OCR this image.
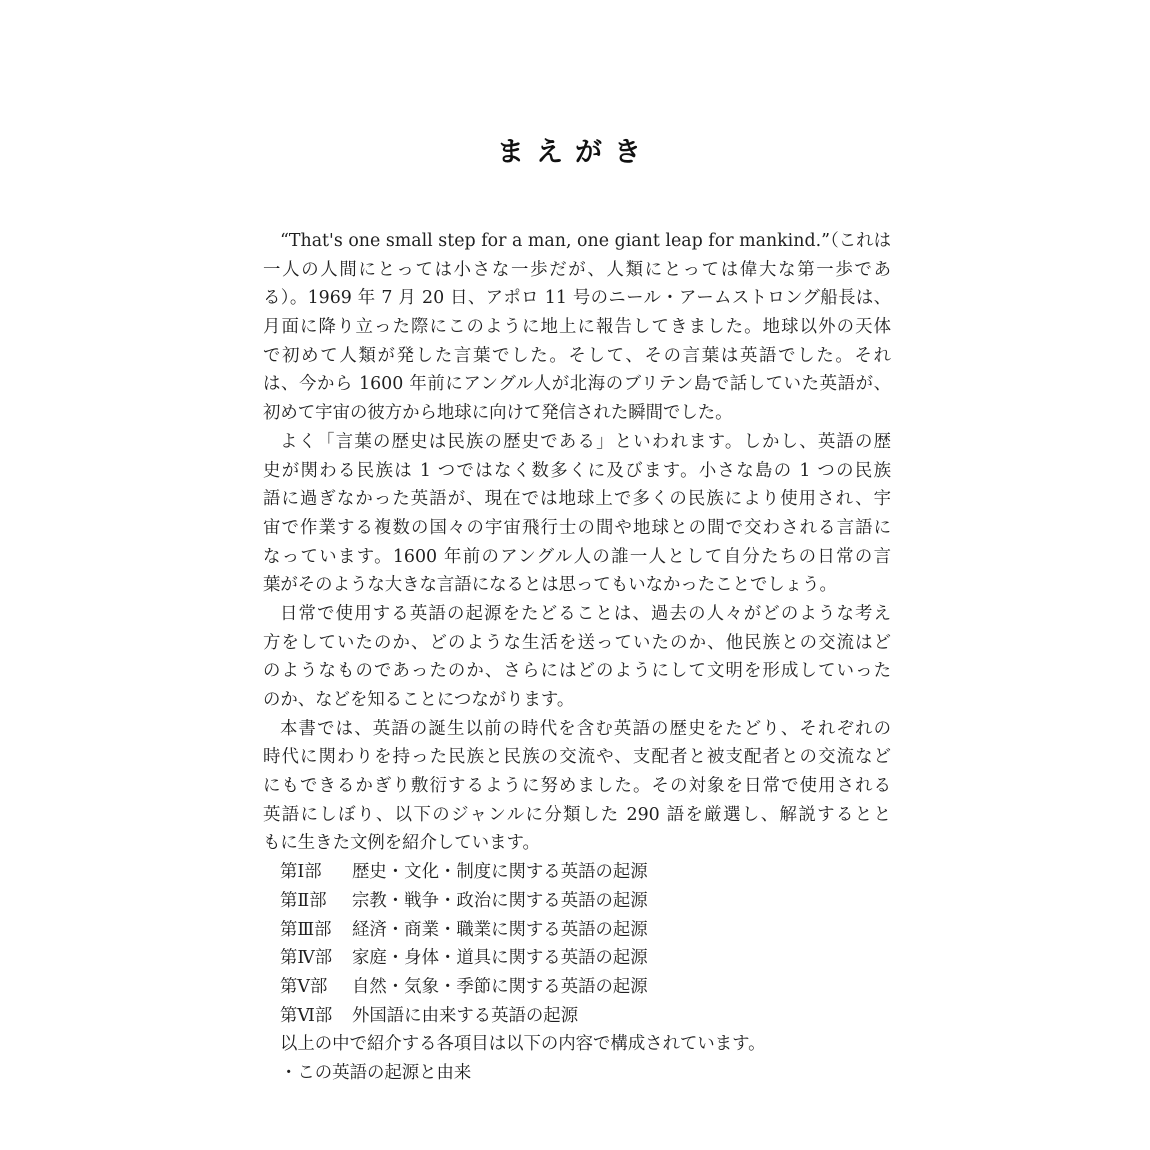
まえがき
“That's one small step for a man, one giant leap for mankind.”（これは
一人の人間にとっては小さな一歩だが、人類にとっては偉大な第一歩であ
る）。1969 年 7 月 20 日、アポロ 11 号のニール・アームストロング船長は、
月面に降り立った際にこのように地上に報告してきました。地球以外の天体
で初めて人類が発した言葉でした。そして、その言葉は英語でした。それ
は、今から 1600 年前にアングル人が北海のブリテン島で話していた英語が、
初めて宇宙の彼方から地球に向けて発信された瞬間でした。
よく「言葉の歴史は民族の歴史である」といわれます。しかし、英語の歴
史が関わる民族は 1 つではなく数多くに及びます。小さな島の 1 つの民族
語に過ぎなかった英語が、現在では地球上で多くの民族により使用され、宇
宙で作業する複数の国々の宇宙飛行士の間や地球との間で交わされる言語に
なっています。1600 年前のアングル人の誰一人として自分たちの日常の言
葉がそのような大きな言語になるとは思ってもいなかったことでしょう。
日常で使用する英語の起源をたどることは、過去の人々がどのような考え
方をしていたのか、どのような生活を送っていたのか、他民族との交流はど
のようなものであったのか、さらにはどのようにして文明を形成していった
のか、などを知ることにつながります。
本書では、英語の誕生以前の時代を含む英語の歴史をたどり、それぞれの
時代に関わりを持った民族と民族の交流や、支配者と被支配者との交流など
にもできるかぎり敷衍するように努めました。その対象を日常で使用される
英語にしぼり、以下のジャンルに分類した 290 語を厳選し、解説するとと
もに生きた文例を紹介しています。
第Ⅰ部	歴史・文化・制度に関する英語の起源
第Ⅱ部	宗教・戦争・政治に関する英語の起源
第Ⅲ部	経済・商業・職業に関する英語の起源
第Ⅳ部	家庭・身体・道具に関する英語の起源
第Ⅴ部	自然・気象・季節に関する英語の起源
第Ⅵ部	外国語に由来する英語の起源
以上の中で紹介する各項目は以下の内容で構成されています。
・この英語の起源と由来
